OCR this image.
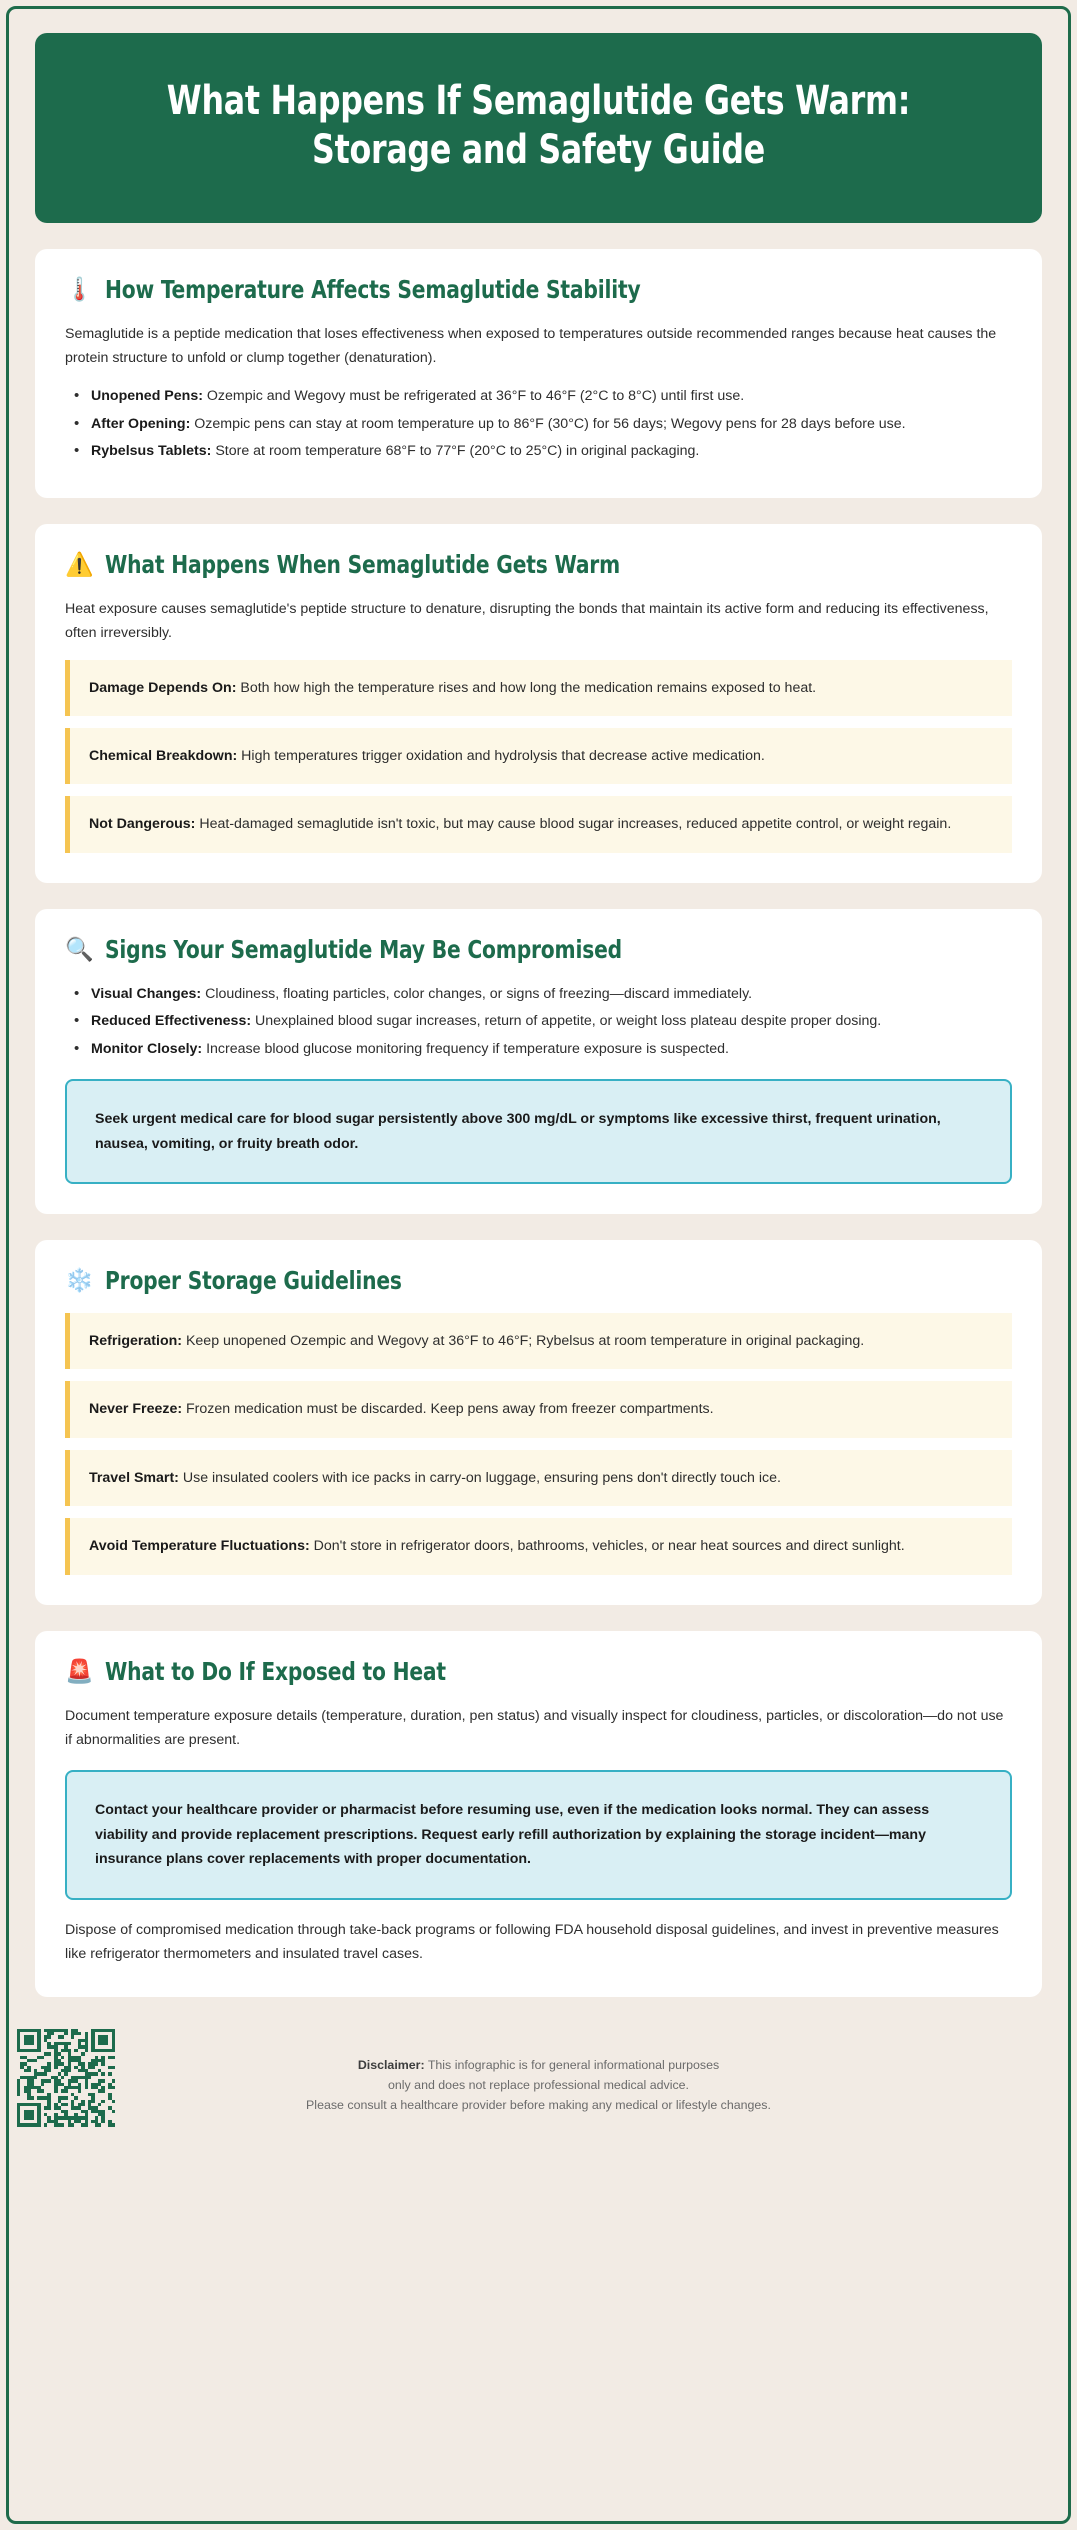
What Happens If Semaglutide Gets Warm: Storage and Safety Guide
🌡️ How Temperature Affects Semaglutide Stability

Semaglutide is a peptide medication that loses effectiveness when exposed to temperatures outside recommended ranges because heat causes the protein structure to unfold or clump together (denaturation).

• Unopened Pens: Ozempic and Wegovy must be refrigerated at 36°F to 46°F (2°C to 8°C) until first use.
• After Opening: Ozempic pens can stay at room temperature up to 86°F (30°C) for 56 days; Wegovy pens for 28 days before use.
• Rybelsus Tablets: Store at room temperature 68°F to 77°F (20°C to 25°C) in original packaging.
⚠️ What Happens When Semaglutide Gets Warm

Heat exposure causes semaglutide's peptide structure to denature, disrupting the bonds that maintain its active form and reducing its effectiveness, often irreversibly.

Damage Depends On: Both how high the temperature rises and how long the medication remains exposed to heat.
Chemical Breakdown: High temperatures trigger oxidation and hydrolysis that decrease active medication.
Not Dangerous: Heat-damaged semaglutide isn't toxic, but may cause blood sugar increases, reduced appetite control, or weight regain.
🔍 Signs Your Semaglutide May Be Compromised
• Visual Changes: Cloudiness, floating particles, color changes, or signs of freezing—discard immediately.
• Reduced Effectiveness: Unexplained blood sugar increases, return of appetite, or weight loss plateau despite proper dosing.
• Monitor Closely: Increase blood glucose monitoring frequency if temperature exposure is suspected.
Seek urgent medical care for blood sugar persistently above 300 mg/dL or symptoms like excessive thirst, frequent urination, nausea, vomiting, or fruity breath odor.
❄️ Proper Storage Guidelines
Refrigeration: Keep unopened Ozempic and Wegovy at 36°F to 46°F; Rybelsus at room temperature in original packaging.
Never Freeze: Frozen medication must be discarded. Keep pens away from freezer compartments.
Travel Smart: Use insulated coolers with ice packs in carry-on luggage, ensuring pens don't directly touch ice.
Avoid Temperature Fluctuations: Don't store in refrigerator doors, bathrooms, vehicles, or near heat sources and direct sunlight.
🚨 What to Do If Exposed to Heat

Document temperature exposure details (temperature, duration, pen status) and visually inspect for cloudiness, particles, or discoloration—do not use if abnormalities are present.

Contact your healthcare provider or pharmacist before resuming use, even if the medication looks normal. They can assess viability and provide replacement prescriptions. Request early refill authorization by explaining the storage incident—many insurance plans cover replacements with proper documentation.

Dispose of compromised medication through take-back programs or following FDA household disposal guidelines, and invest in preventive measures like refrigerator thermometers and insulated travel cases.

Disclaimer: This infographic is for general informational purposes
only and does not replace professional medical advice.
Please consult a healthcare provider before making any medical or lifestyle changes.
